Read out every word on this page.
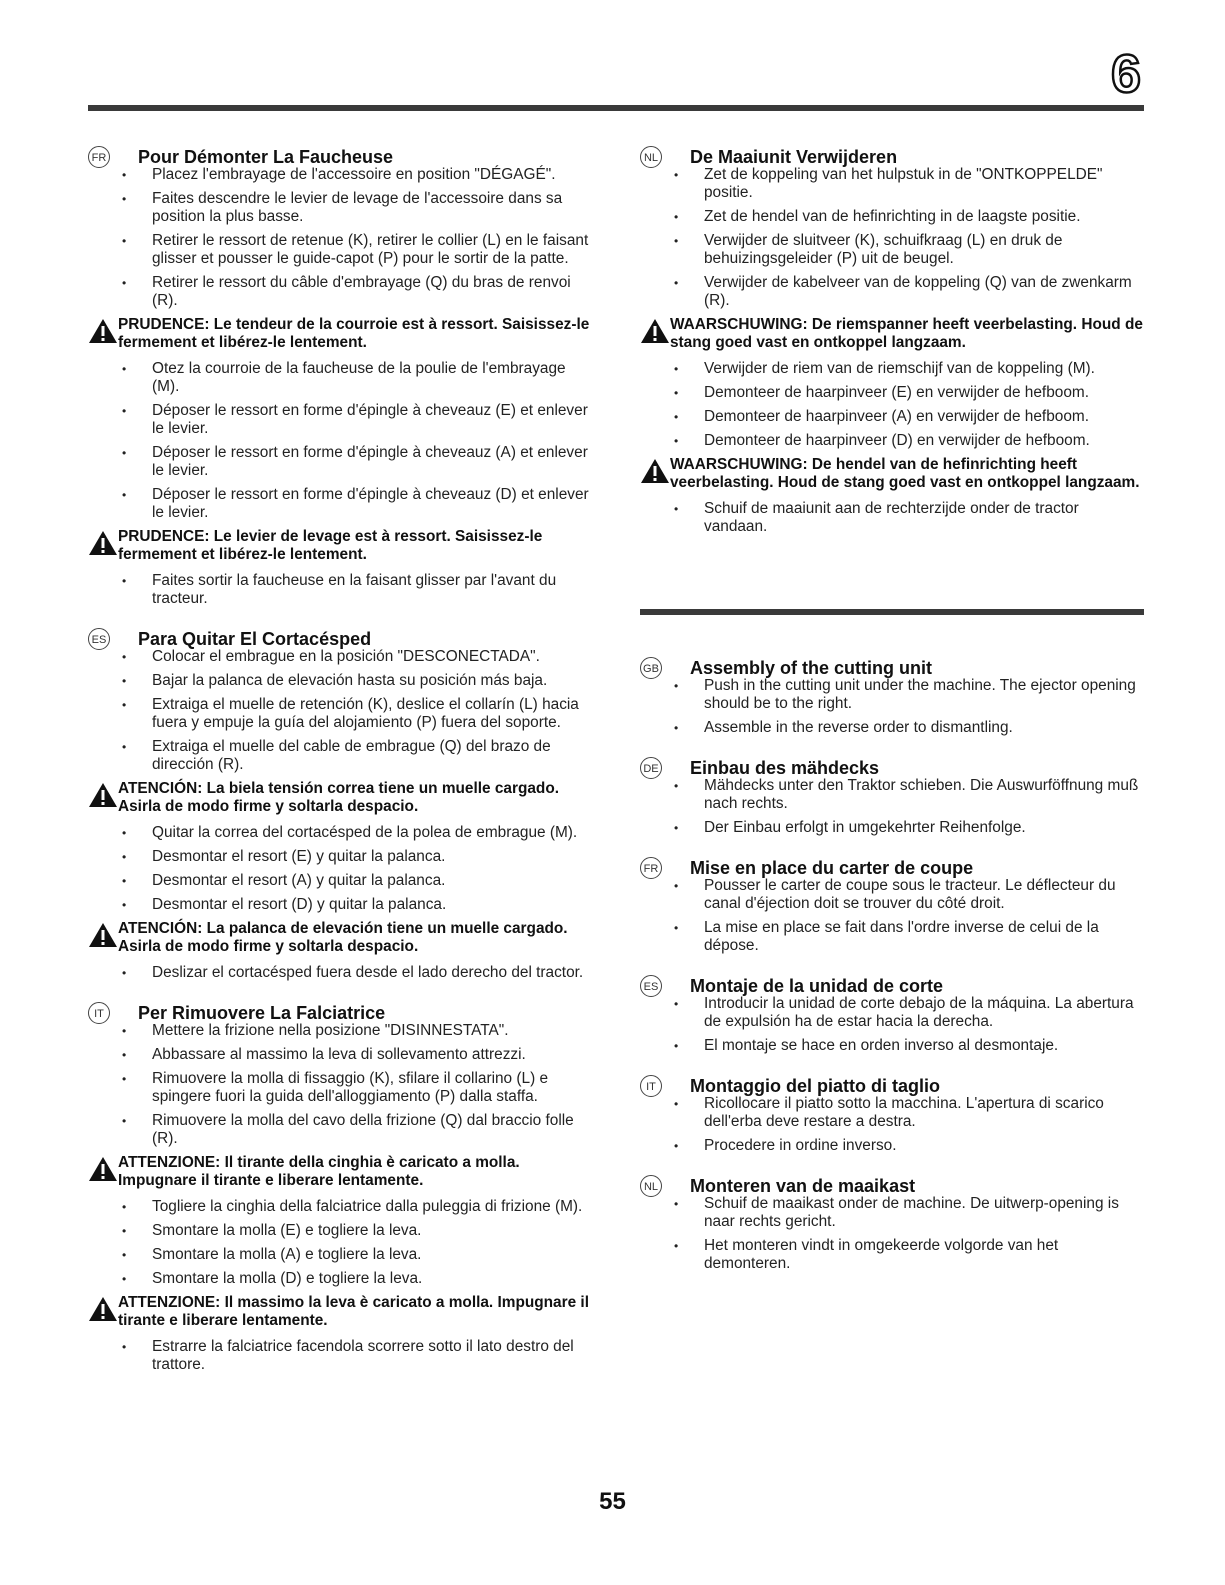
6
FR Pour Démonter La Faucheuse
• Placez l'embrayage de l'accessoire en position "DÉGAGÉ".
• Faites descendre le levier de levage de l'accessoire dans sa position la plus basse.
• Retirer le ressort de retenue (K), retirer le collier (L) en le faisant glisser et pousser le guide-capot (P) pour le sortir de la patte.
• Retirer le ressort du câble d'embrayage (Q) du bras de renvoi (R).
PRUDENCE: Le tendeur de la courroie est à ressort. Saisissez-le fermement et libérez-le lentement.
• Otez la courroie de la faucheuse de la poulie de l'embrayage (M).
• Déposer le ressort en forme d'épingle à cheveauz (E) et enlever le levier.
• Déposer le ressort en forme d'épingle à cheveauz (A) et enlever le levier.
• Déposer le ressort en forme d'épingle à cheveauz (D) et enlever le levier.
PRUDENCE: Le levier de levage est à ressort. Saisissez-le fermement et libérez-le lentement.
• Faites sortir la faucheuse en la faisant glisser par l'avant du tracteur.
ES Para Quitar El Cortacésped
• Colocar el embrague en la posición "DESCONECTADA".
• Bajar la palanca de elevación hasta su posición más baja.
• Extraiga el muelle de retención (K), deslice el collarín (L) hacia fuera y empuje la guía del alojamiento (P) fuera del soporte.
• Extraiga el muelle del cable de embrague (Q) del brazo de dirección (R).
ATENCIÓN: La biela tensión correa tiene un muelle cargado. Asirla de modo firme y soltarla despacio.
• Quitar la correa del cortacésped de la polea de embrague (M).
• Desmontar el resort (E) y quitar la palanca.
• Desmontar el resort (A) y quitar la palanca.
• Desmontar el resort (D) y quitar la palanca.
ATENCIÓN: La palanca de elevación tiene un muelle cargado. Asirla de modo firme y soltarla despacio.
• Deslizar el cortacésped fuera desde el lado derecho del tractor.
IT	Per Rimuovere La Falciatrice
• Mettere la frizione nella posizione "DISINNESTATA".
• Abbassare al massimo la leva di sollevamento attrezzi.
• Rimuovere la molla di fissaggio (K), sfilare il collarino (L) e spingere fuori la guida dell'alloggiamento (P) dalla staffa.
• Rimuovere la molla del cavo della frizione (Q) dal braccio folle (R).
ATTENZIONE: Il tirante della cinghia è caricato a molla. Impugnare il tirante e liberare lentamente.
• Togliere la cinghia della falciatrice dalla puleggia di frizione (M).
• Smontare la molla (E) e togliere la leva.
• Smontare la molla (A) e togliere la leva.
• Smontare la molla (D) e togliere la leva.
ATTENZIONE: Il massimo la leva è caricato a molla. Impugnare il tirante e liberare lentamente.
• Estrarre la falciatrice facendola scorrere sotto il lato destro del trattore.
NL De Maaiunit Verwijderen
• Zet de koppeling van het hulpstuk in de "ONTKOPPELDE" positie.
• Zet de hendel van de hefinrichting in de laagste positie.
• Verwijder de sluitveer (K), schuifkraag (L) en druk de behuizingsgeleider (P) uit de beugel.
• Verwijder de kabelveer van de koppeling (Q) van de zwenkarm (R).
WAARSCHUWING: De riemspanner heeft veerbelasting. Houd de stang goed vast en ontkoppel langzaam.
• Verwijder de riem van de riemschijf van de koppeling (M).
• Demonteer de haarpinveer (E) en verwijder de hefboom.
• Demonteer de haarpinveer (A) en verwijder de hefboom.
• Demonteer de haarpinveer (D) en verwijder de hefboom.
WAARSCHUWING: De hendel van de hefinrichting heeft veerbelasting. Houd de stang goed vast en ontkoppel langzaam.
• Schuif de maaiunit aan de rechterzijde onder de tractor vandaan.
GB Assembly of the cutting unit
• Push in the cutting unit under the machine. The ejector opening should be to the right.
• Assemble in the reverse order to dismantling.
DE Einbau des mähdecks
• Mähdecks unter den Traktor schieben. Die Auswurföffnung muß nach rechts.
• Der Einbau erfolgt in umgekehrter Reihenfolge.
FR Mise en place du carter de coupe
• Pousser le carter de coupe sous le tracteur. Le déflecteur du canal d'éjection doit se trouver du côté droit.
• La mise en place se fait dans l'ordre inverse de celui de la dépose.
ES Montaje de la unidad de corte
• Introducir la unidad de corte debajo de la máquina. La abertura de expulsión ha de estar hacia la derecha.
• El montaje se hace en orden inverso al desmontaje.
IT	Montaggio del piatto di taglio
• Ricollocare il piatto sotto la macchina. L'apertura di scarico dell'erba deve restare a destra.
• Procedere in ordine inverso.
NL Monteren van de maaikast
• Schuif de maaikast onder de machine. De uitwerp-opening is naar rechts gericht.
• Het monteren vindt in omgekeerde volgorde van het demonteren.
55
